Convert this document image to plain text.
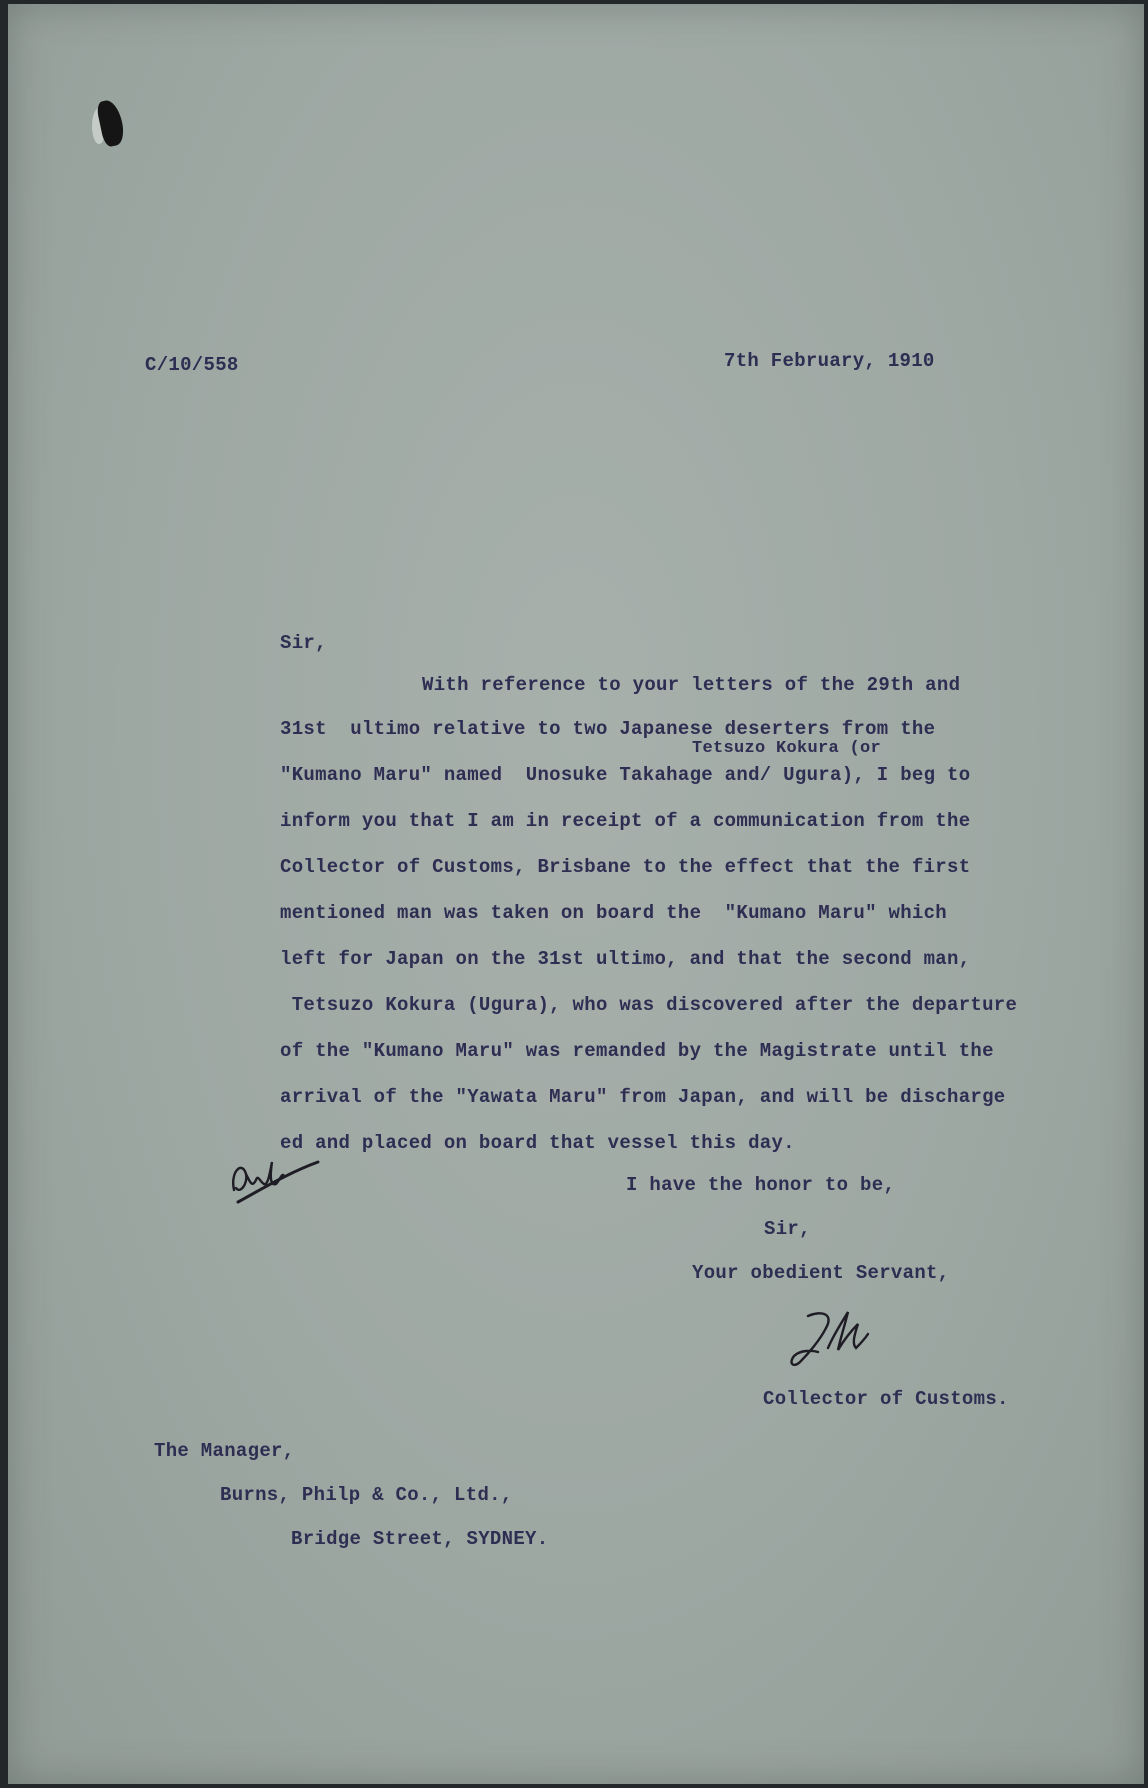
C/10/558	7th February, 1910
Sir,
With reference to your letters of the 29th and
31st  ultimo relative to two Japanese deserters from the
Tetsuzo Kokura (or
"Kumano Maru" named  Unosuke Takahage and/ Ugura), I beg to
inform you that I am in receipt of a communication from the
Collector of Customs, Brisbane to the effect that the first
mentioned man was taken on board the  "Kumano Maru" which
left for Japan on the 31st ultimo, and that the second man,
Tetsuzo Kokura (Ugura), who was discovered after the departure
of the "Kumano Maru" was remanded by the Magistrate until the
arrival of the "Yawata Maru" from Japan, and will be discharge
ed and placed on board that vessel this day.
I have the honor to be,
Sir,
Your obedient Servant,
Collector of Customs.
The Manager,
Burns, Philp & Co., Ltd.,
Bridge Street, SYDNEY.
